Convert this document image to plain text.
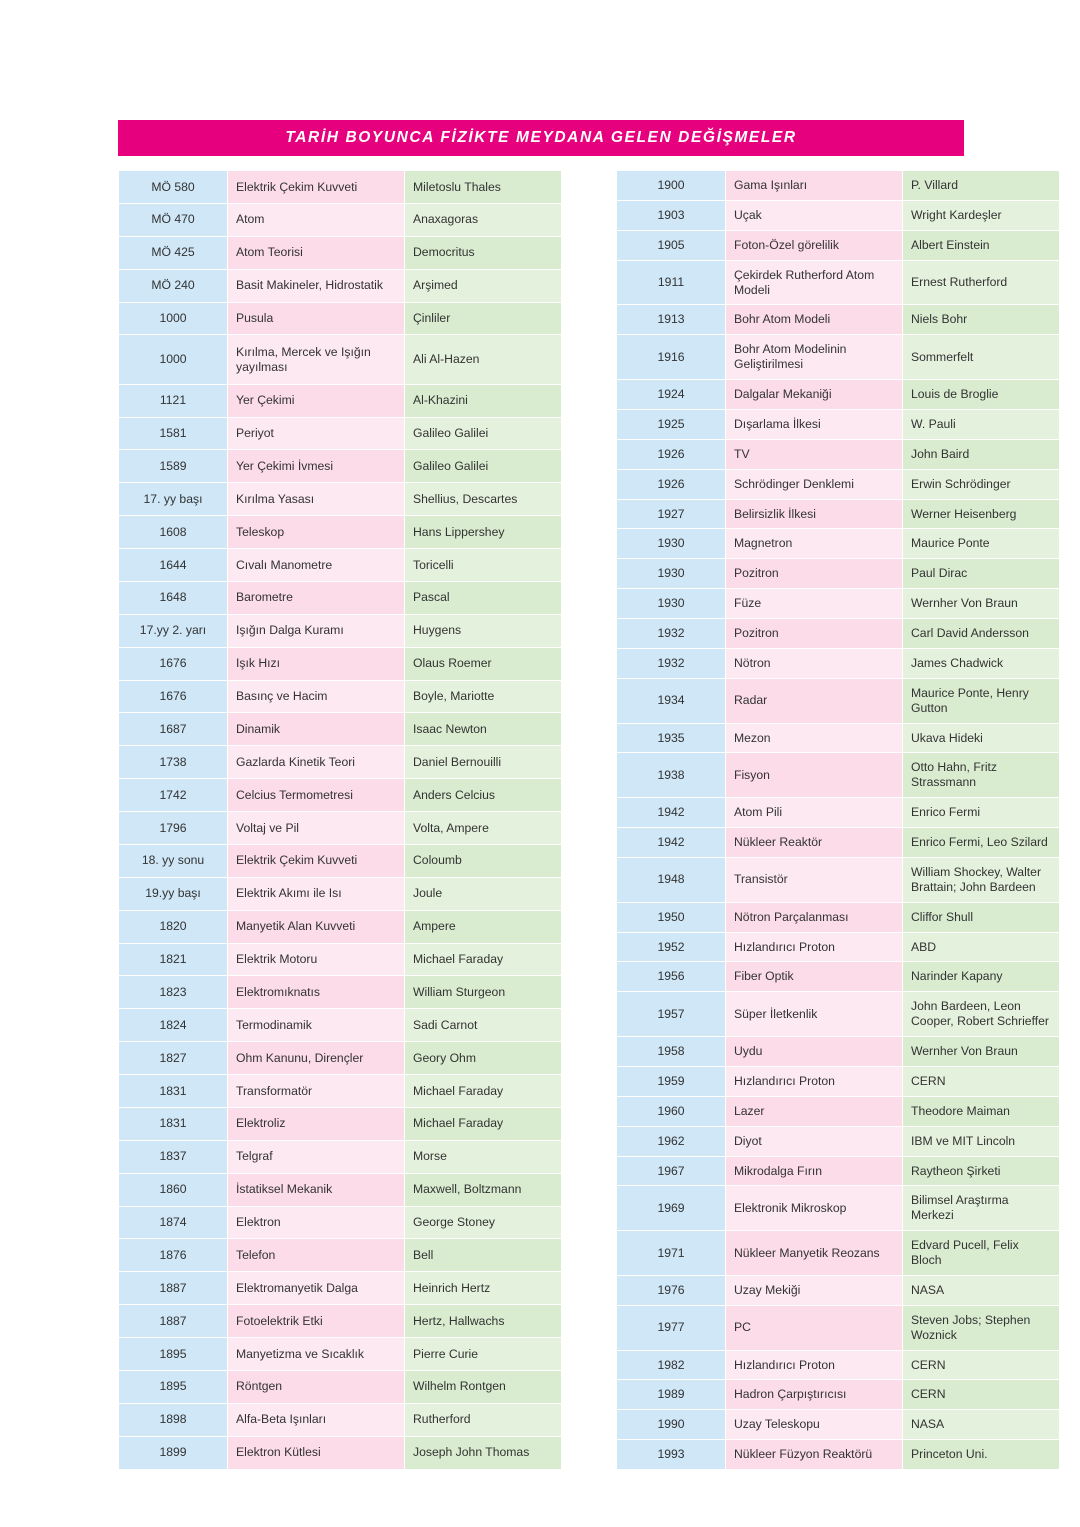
TARİH BOYUNCA FİZİKTE MEYDANA GELEN DEĞİŞMELER
MÖ 580	Elektrik Çekim Kuvveti	Miletoslu Thales
MÖ 470	Atom	Anaxagoras
MÖ 425	Atom Teorisi	Democritus
MÖ 240	Basit Makineler, Hidrostatik	Arşimed
1000	Pusula	Çinliler
1000	Kırılma, Mercek ve Işığın yayılması	Ali Al-Hazen
1121	Yer Çekimi	Al-Khazini
1581	Periyot	Galileo Galilei
1589	Yer Çekimi İvmesi	Galileo Galilei
17. yy başı	Kırılma Yasası	Shellius, Descartes
1608	Teleskop	Hans Lippershey
1644	Cıvalı Manometre	Toricelli
1648	Barometre	Pascal
17.yy 2. yarı	Işığın Dalga Kuramı	Huygens
1676	Işık Hızı	Olaus Roemer
1676	Basınç ve Hacim	Boyle, Mariotte
1687	Dinamik	Isaac Newton
1738	Gazlarda Kinetik Teori	Daniel Bernouilli
1742	Celcius Termometresi	Anders Celcius
1796	Voltaj ve Pil	Volta, Ampere
18. yy sonu	Elektrik Çekim Kuvveti	Coloumb
19.yy başı	Elektrik Akımı ile Isı	Joule
1820	Manyetik Alan Kuvveti	Ampere
1821	Elektrik Motoru	Michael Faraday
1823	Elektromıknatıs	William Sturgeon
1824	Termodinamik	Sadi Carnot
1827	Ohm Kanunu, Dirençler	Geory Ohm
1831	Transformatör	Michael Faraday
1831	Elektroliz	Michael Faraday
1837	Telgraf	Morse
1860	İstatiksel Mekanik	Maxwell, Boltzmann
1874	Elektron	George Stoney
1876	Telefon	Bell
1887	Elektromanyetik Dalga	Heinrich Hertz
1887	Fotoelektrik Etki	Hertz, Hallwachs
1895	Manyetizma ve Sıcaklık	Pierre Curie
1895	Röntgen	Wilhelm Rontgen
1898	Alfa-Beta Işınları	Rutherford
1899	Elektron Kütlesi	Joseph John Thomas
1900	Gama Işınları	P. Villard
1903	Uçak	Wright Kardeşler
1905	Foton-Özel görelilik	Albert Einstein
1911	Çekirdek Rutherford Atom Modeli	Ernest Rutherford
1913	Bohr Atom Modeli	Niels Bohr
1916	Bohr Atom Modelinin Geliştirilmesi	Sommerfelt
1924	Dalgalar Mekaniği	Louis de Broglie
1925	Dışarlama İlkesi	W. Pauli
1926	TV	John Baird
1926	Schrödinger Denklemi	Erwin Schrödinger
1927	Belirsizlik İlkesi	Werner Heisenberg
1930	Magnetron	Maurice Ponte
1930	Pozitron	Paul Dirac
1930	Füze	Wernher Von Braun
1932	Pozitron	Carl David Andersson
1932	Nötron	James Chadwick
1934	Radar	Maurice Ponte, Henry Gutton
1935	Mezon	Ukava Hideki
1938	Fisyon	Otto Hahn, Fritz Strassmann
1942	Atom Pili	Enrico Fermi
1942	Nükleer Reaktör	Enrico Fermi, Leo Szilard
1948	Transistör	William Shockey, Walter Brattain; John Bardeen
1950	Nötron Parçalanması	Cliffor Shull
1952	Hızlandırıcı Proton	ABD
1956	Fiber Optik	Narinder Kapany
1957	Süper İletkenlik	John Bardeen, Leon Cooper, Robert Schrieffer
1958	Uydu	Wernher Von Braun
1959	Hızlandırıcı Proton	CERN
1960	Lazer	Theodore Maiman
1962	Diyot	IBM ve MIT Lincoln
1967	Mikrodalga Fırın	Raytheon Şirketi
1969	Elektronik Mikroskop	Bilimsel Araştırma Merkezi
1971	Nükleer Manyetik Reozans	Edvard Pucell, Felix Bloch
1976	Uzay Mekiği	NASA
1977	PC	Steven Jobs; Stephen Woznick
1982	Hızlandırıcı Proton	CERN
1989	Hadron Çarpıştırıcısı	CERN
1990	Uzay Teleskopu	NASA
1993	Nükleer Füzyon Reaktörü	Princeton Uni.
